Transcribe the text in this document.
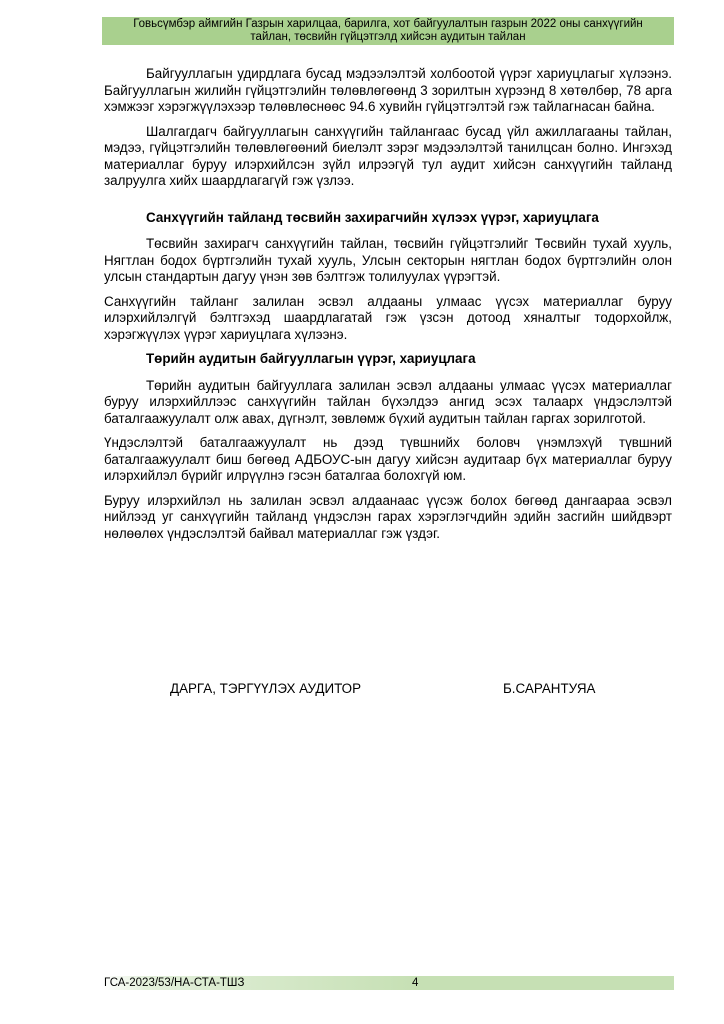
Говьсүмбэр аймгийн Газрын харилцаа, барилга, хот байгуулалтын газрын 2022 оны санхүүгийн
тайлан, төсвийн гүйцэтгэлд хийсэн аудитын тайлан

Байгууллагын удирдлага бусад мэдээлэлтэй холбоотой үүрэг хариуцлагыг хүлээнэ. Байгууллагын жилийн гүйцэтгэлийн төлөвлөгөөнд 3 зорилтын хүрээнд 8 хөтөлбөр, 78 арга хэмжээг хэрэгжүүлэхээр төлөвлөснөөс 94.6 хувийн гүйцэтгэлтэй гэж тайлагнасан байна.

Шалгагдагч байгууллагын санхүүгийн тайлангаас бусад үйл ажиллагааны тайлан, мэдээ, гүйцэтгэлийн төлөвлөгөөний биелэлт зэрэг мэдээлэлтэй танилцсан болно. Ингэхэд материаллаг буруу илэрхийлсэн зүйл илрээгүй тул аудит хийсэн санхүүгийн тайланд залруулга хийх шаардлагагүй гэж үзлээ.

Санхүүгийн тайланд төсвийн захирагчийн хүлээх үүрэг, хариуцлага

Төсвийн захирагч санхүүгийн тайлан, төсвийн гүйцэтгэлийг Төсвийн тухай хууль, Нягтлан бодох бүртгэлийн тухай хууль, Улсын секторын нягтлан бодох бүртгэлийн олон улсын стандартын дагуу үнэн зөв бэлтгэж толилуулах үүрэгтэй.

Санхүүгийн тайланг залилан эсвэл алдааны улмаас үүсэх материаллаг буруу илэрхийлэлгүй бэлтгэхэд шаардлагатай гэж үзсэн дотоод хяналтыг тодорхойлж, хэрэгжүүлэх үүрэг хариуцлага хүлээнэ.

Төрийн аудитын байгууллагын үүрэг, хариуцлага

Төрийн аудитын байгууллага залилан эсвэл алдааны улмаас үүсэх материаллаг буруу илэрхийллээс санхүүгийн тайлан бүхэлдээ ангид эсэх талаарх үндэслэлтэй баталгаажуулалт олж авах, дүгнэлт, зөвлөмж бүхий аудитын тайлан гаргах зорилготой.

Үндэслэлтэй баталгаажуулалт нь дээд түвшнийх боловч үнэмлэхүй түвшний баталгаажуулалт биш бөгөөд АДБОУС-ын дагуу хийсэн аудитаар бүх материаллаг буруу илэрхийлэл бүрийг илрүүлнэ гэсэн баталгаа болохгүй юм.

Буруу илэрхийлэл нь залилан эсвэл алдаанаас үүсэж болох бөгөөд дангаараа эсвэл нийлээд уг санхүүгийн тайланд үндэслэн гарах хэрэглэгчдийн эдийн засгийн шийдвэрт нөлөөлөх үндэслэлтэй байвал материаллаг гэж үздэг.

ДАРГА, ТЭРГҮҮЛЭХ АУДИТОР	Б.САРАНТУЯА
ГСА-2023/53/НА-СТА-ТШЗ	4
